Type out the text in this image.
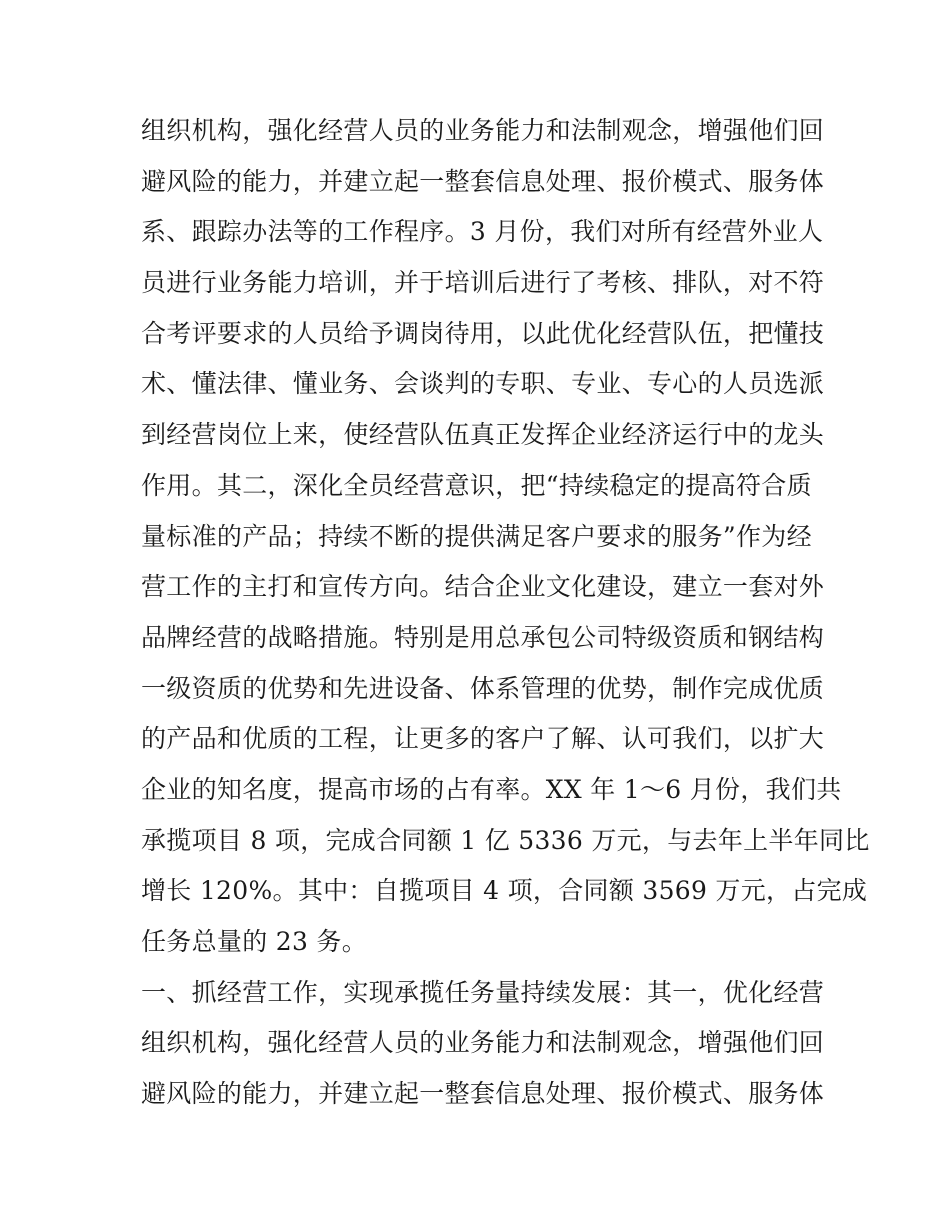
组织机构，强化经营人员的业务能力和法制观念，增强他们回
避风险的能力，并建立起一整套信息处理、报价模式、服务体
系、跟踪办法等的工作程序。3 月份，我们对所有经营外业人
员进行业务能力培训，并于培训后进行了考核、排队，对不符
合考评要求的人员给予调岗待用，以此优化经营队伍，把懂技
术、懂法律、懂业务、会谈判的专职、专业、专心的人员选派
到经营岗位上来，使经营队伍真正发挥企业经济运行中的龙头
作用。其二，深化全员经营意识，把“持续稳定的提高符合质
量标准的产品；持续不断的提供满足客户要求的服务”作为经
营工作的主打和宣传方向。结合企业文化建设，建立一套对外
品牌经营的战略措施。特别是用总承包公司特级资质和钢结构
一级资质的优势和先进设备、体系管理的优势，制作完成优质
的产品和优质的工程，让更多的客户了解、认可我们，以扩大
企业的知名度，提高市场的占有率。XX 年 1～6 月份，我们共
承揽项目 8 项，完成合同额 1 亿 5336 万元，与去年上半年同比
增长 120%。其中：自揽项目 4 项，合同额 3569 万元，占完成
任务总量的 23 务。
一、抓经营工作，实现承揽任务量持续发展：其一，优化经营
组织机构，强化经营人员的业务能力和法制观念，增强他们回
避风险的能力，并建立起一整套信息处理、报价模式、服务体
